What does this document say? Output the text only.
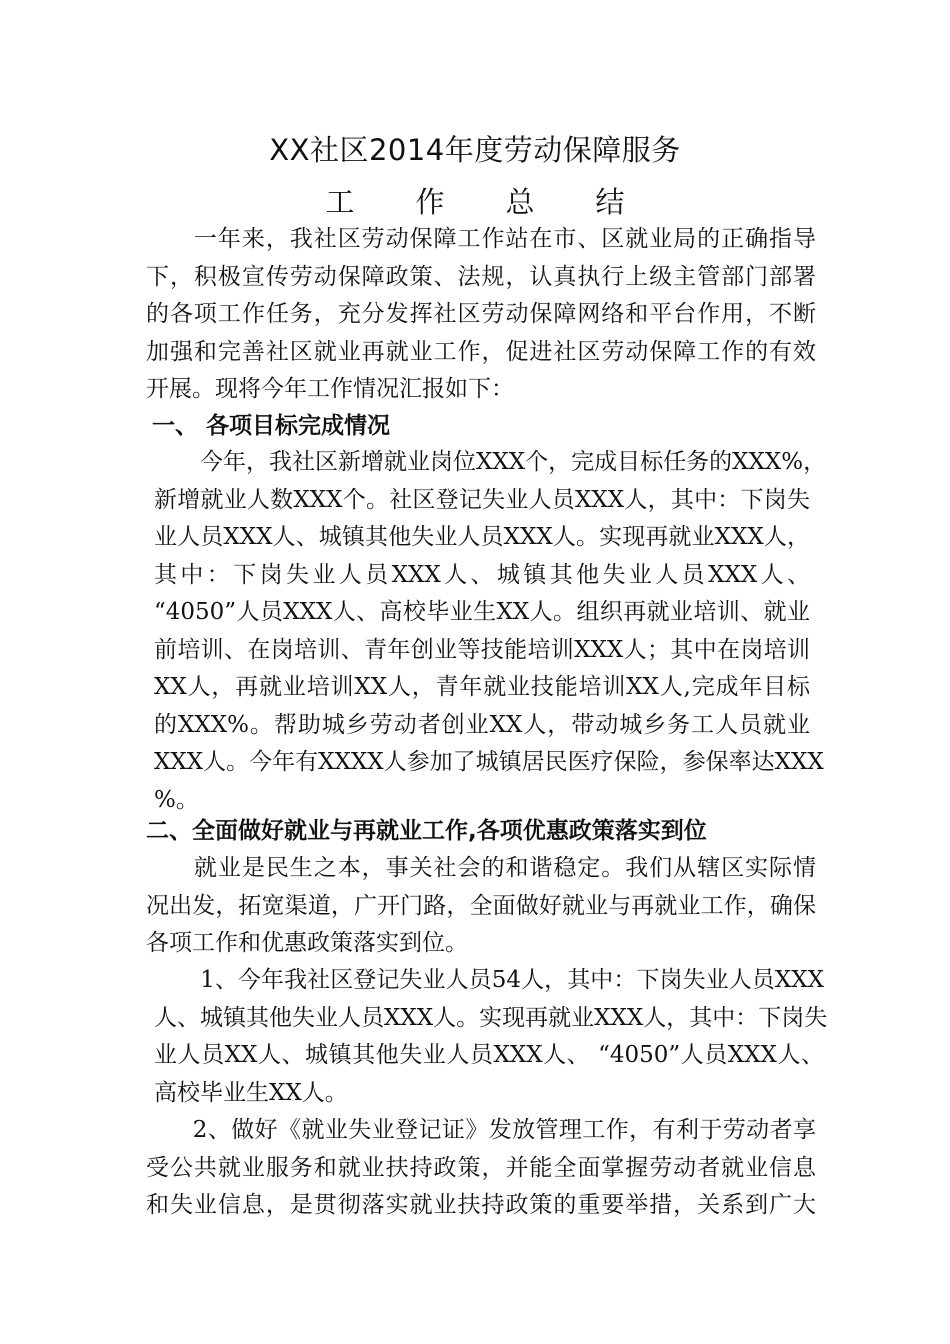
XX社区2014年度劳动保障服务
工 作 总 结
　　一年来，我社区劳动保障工作站在市、区就业局的正确指导
下，积极宣传劳动保障政策、法规，认真执行上级主管部门部署
的各项工作任务，充分发挥社区劳动保障网络和平台作用，不断
加强和完善社区就业再就业工作，促进社区劳动保障工作的有效
开展。现将今年工作情况汇报如下：
一、 各项目标完成情况
　　今年，我社区新增就业岗位XXX个，完成目标任务的XXX%，
新增就业人数XXX个。社区登记失业人员XXX人，其中：下岗失
业人员XXX人、城镇其他失业人员XXX人。实现再就业XXX人，
其中：下岗失业人员XXX人、城镇其他失业人员XXX人、
“4050”人员XXX人、高校毕业生XX人。组织再就业培训、就业
前培训、在岗培训、青年创业等技能培训XXX人；其中在岗培训
XX人，再就业培训XX人，青年就业技能培训XX人,完成年目标
的XXX%。帮助城乡劳动者创业XX人，带动城乡务工人员就业
XXX人。今年有XXXX人参加了城镇居民医疗保险，参保率达XXX
%。
二、全面做好就业与再就业工作,各项优惠政策落实到位
　　就业是民生之本，事关社会的和谐稳定。我们从辖区实际情
况出发，拓宽渠道，广开门路，全面做好就业与再就业工作，确保
各项工作和优惠政策落实到位。
　　1、今年我社区登记失业人员54人，其中：下岗失业人员XXX
人、城镇其他失业人员XXX人。实现再就业XXX人，其中：下岗失
业人员XX人、城镇其他失业人员XXX人、 “4050”人员XXX人、
高校毕业生XX人。
　　2、做好《就业失业登记证》发放管理工作，有利于劳动者享
受公共就业服务和就业扶持政策，并能全面掌握劳动者就业信息
和失业信息，是贯彻落实就业扶持政策的重要举措，关系到广大
